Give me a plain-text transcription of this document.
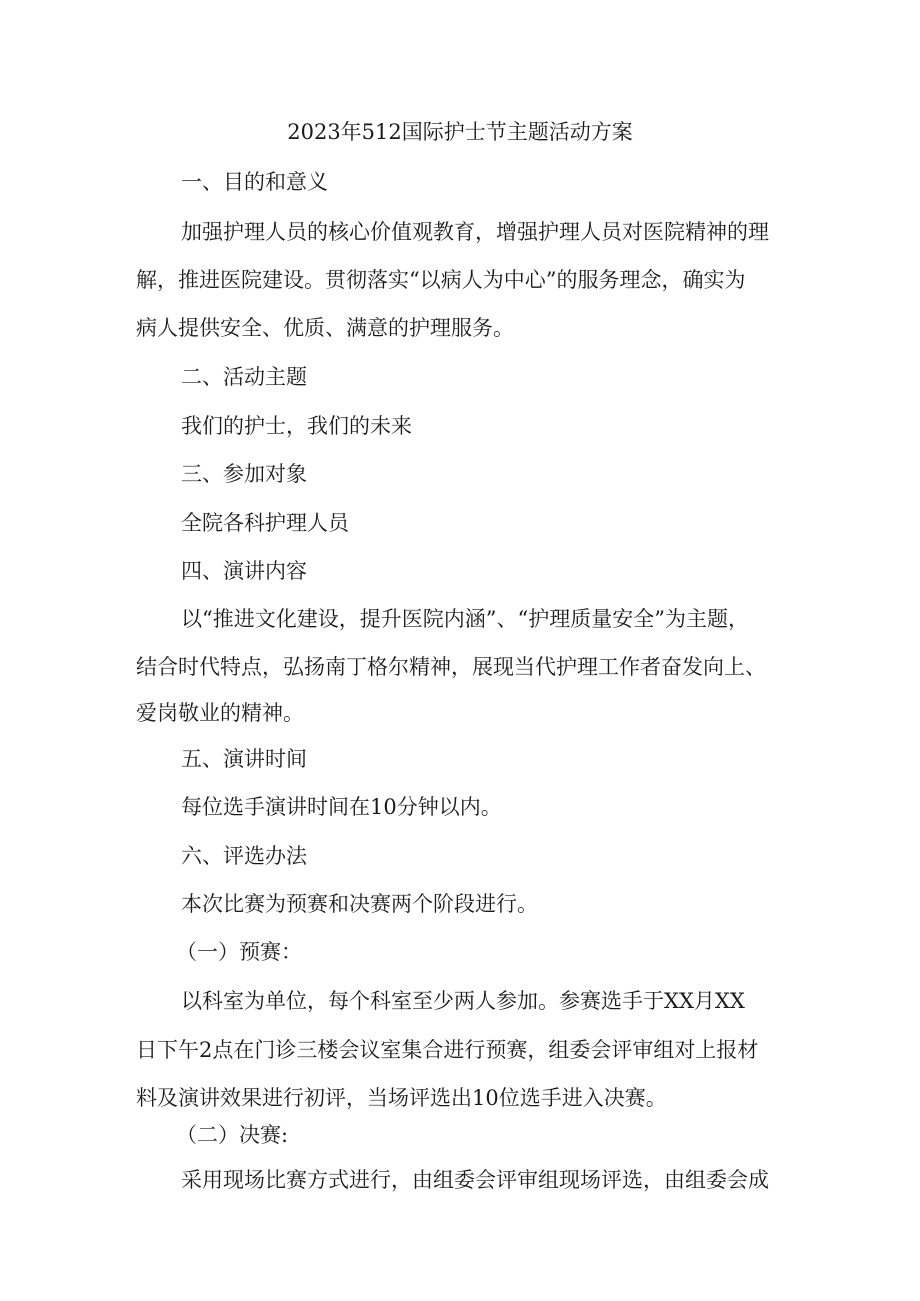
2023年512国际护士节主题活动方案
一、目的和意义
加强护理人员的核心价值观教育，增强护理人员对医院精神的理
解，推进医院建设。贯彻落实“以病人为中心”的服务理念，确实为
病人提供安全、优质、满意的护理服务。
二、活动主题
我们的护士，我们的未来
三、参加对象
全院各科护理人员
四、演讲内容
以“推进文化建设，提升医院内涵”、“护理质量安全”为主题，
结合时代特点，弘扬南丁格尔精神，展现当代护理工作者奋发向上、
爱岗敬业的精神。
五、演讲时间
每位选手演讲时间在10分钟以内。
六、评选办法
本次比赛为预赛和决赛两个阶段进行。
（一）预赛：
以科室为单位，每个科室至少两人参加。参赛选手于XX月XX
日下午2点在门诊三楼会议室集合进行预赛，组委会评审组对上报材
料及演讲效果进行初评，当场评选出10位选手进入决赛。
（二）决赛:
采用现场比赛方式进行，由组委会评审组现场评选，由组委会成
